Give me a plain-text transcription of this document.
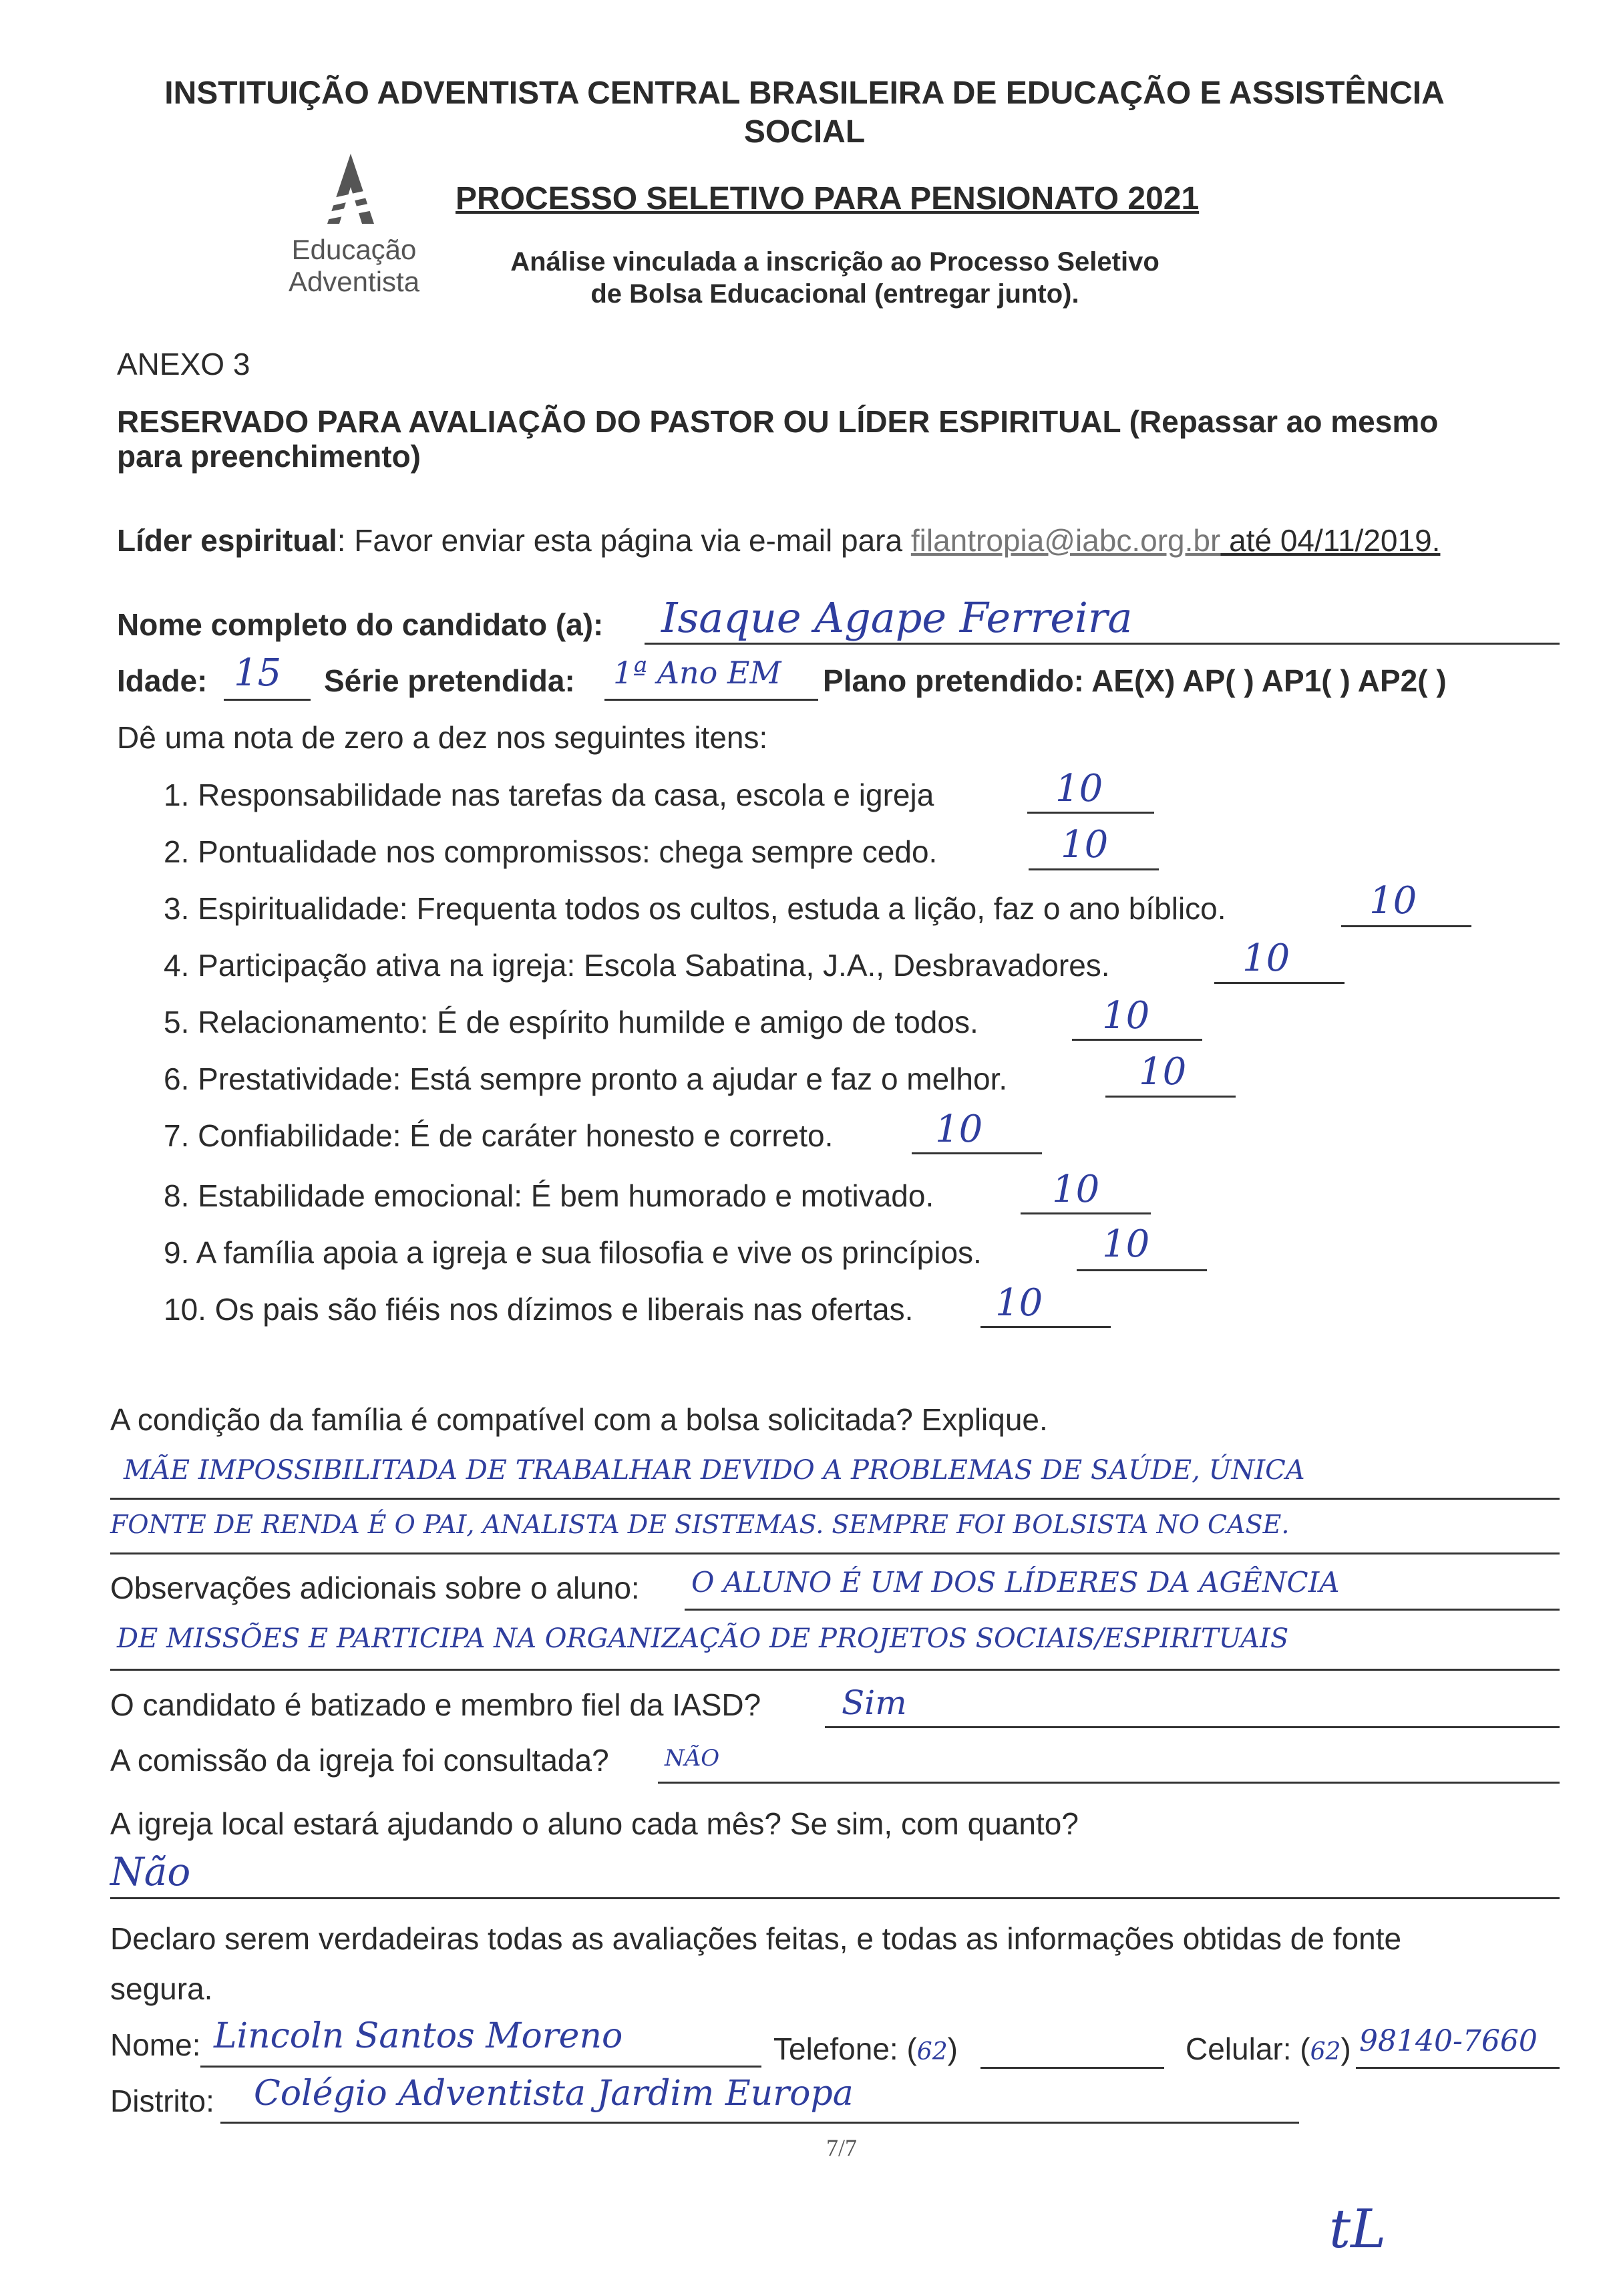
INSTITUIÇÃO ADVENTISTA CENTRAL BRASILEIRA DE EDUCAÇÃO E ASSISTÊNCIA
SOCIAL
Educação
Adventista
PROCESSO SELETIVO PARA PENSIONATO 2021
Análise vinculada a inscrição ao Processo Seletivo
de Bolsa Educacional (entregar junto).
ANEXO 3
RESERVADO PARA AVALIAÇÃO DO PASTOR OU LÍDER ESPIRITUAL (Repassar ao mesmo
para preenchimento)
Líder espiritual: Favor enviar esta página via e-mail para filantropia@iabc.org.br até 04/11/2019.
Nome completo do candidato (a): Isaque Agape Ferreira
Idade: 15 Série pretendida: 1ª Ano EM Plano pretendido: AE(X) AP( ) AP1( ) AP2( )
Dê uma nota de zero a dez nos seguintes itens:
1. Responsabilidade nas tarefas da casa, escola e igreja	10
2. Pontualidade nos compromissos: chega sempre cedo.	10
3. Espiritualidade: Frequenta todos os cultos, estuda a lição, faz o ano bíblico.	10
4. Participação ativa na igreja: Escola Sabatina, J.A., Desbravadores.	10
5. Relacionamento: É de espírito humilde e amigo de todos.	10
6. Prestatividade: Está sempre pronto a ajudar e faz o melhor.	10
7. Confiabilidade: É de caráter honesto e correto.	10
8. Estabilidade emocional: É bem humorado e motivado.	10
9. A família apoia a igreja e sua filosofia e vive os princípios.	10
10. Os pais são fiéis nos dízimos e liberais nas ofertas. 10
A condição da família é compatível com a bolsa solicitada? Explique.
MÃE IMPOSSIBILITADA DE TRABALHAR DEVIDO A PROBLEMAS DE SAÚDE, ÚNICA
FONTE DE RENDA É O PAI, ANALISTA DE SISTEMAS. SEMPRE FOI BOLSISTA NO CASE.
Observações adicionais sobre o aluno: O ALUNO É UM DOS LÍDERES DA AGÊNCIA
DE MISSÕES E PARTICIPA NA ORGANIZAÇÃO DE PROJETOS SOCIAIS/ESPIRITUAIS
O candidato é batizado e membro fiel da IASD? Sim
A comissão da igreja foi consultada? NÃO
A igreja local estará ajudando o aluno cada mês? Se sim, com quanto?
Não
Declaro serem verdadeiras todas as avaliações feitas, e todas as informações obtidas de fonte
segura.
Nome: Lincoln Santos Moreno	Telefone: (62)	Celular: (62) 98140-7660
Distrito: Colégio Adventista Jardim Europa
7/7
tL
